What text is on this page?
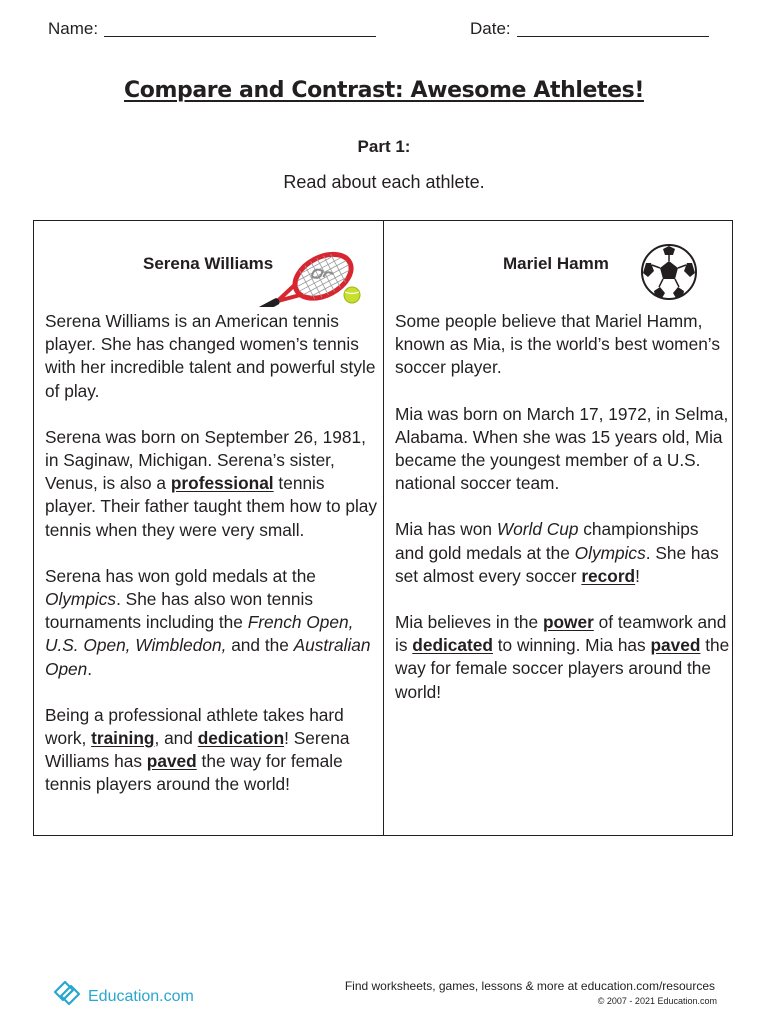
Name:	Date:
Compare and Contrast: Awesome Athletes!
Part 1:
Read about each athlete.
Serena Williams

Serena Williams is an American tennis player. She has changed women’s tennis with her incredible talent and powerful style of play.

Serena was born on September 26, 1981, in Saginaw, Michigan. Serena’s sister, Venus, is also a professional tennis player. Their father taught them how to play tennis when they were very small.

Serena has won gold medals at the Olympics. She has also won tennis tournaments including the French Open, U.S. Open, Wimbledon, and the Australian Open.

Being a professional athlete takes hard work, training, and dedication! Serena Williams has paved the way for female tennis players around the world!

Mariel Hamm

Some people believe that Mariel Hamm, known as Mia, is the world’s best women’s soccer player.

Mia was born on March 17, 1972, in Selma, Alabama. When she was 15 years old, Mia became the youngest member of a U.S. national soccer team.

Mia has won World Cup championships and gold medals at the Olympics. She has set almost every soccer record!

Mia believes in the power of teamwork and is dedicated to winning. Mia has paved the way for female soccer players around the world!

Education.com
Find worksheets, games, lessons & more at education.com/resources
© 2007 - 2021 Education.com
